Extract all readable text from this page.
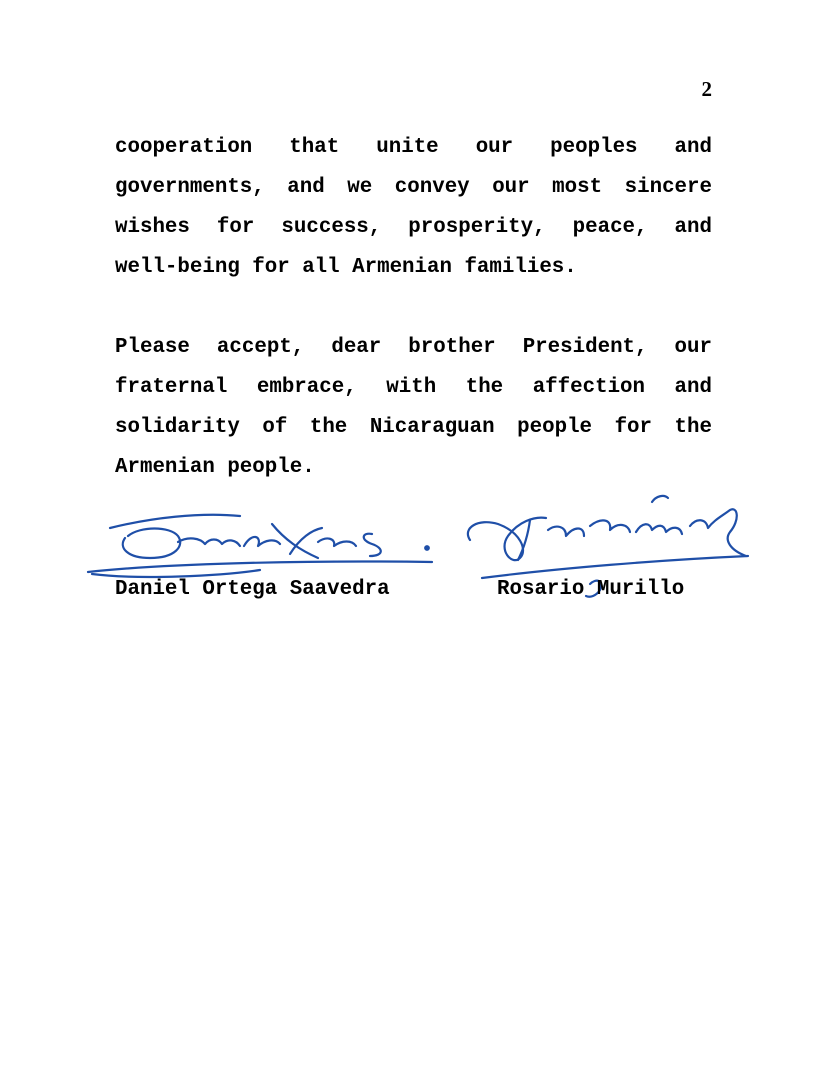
2

cooperation that unite our peoples and governments, and we convey our most sincere wishes for success, prosperity, peace, and well-being for all Armenian families.

Please accept, dear brother President, our fraternal embrace, with the affection and solidarity of the Nicaraguan people for the Armenian people.

Daniel Ortega Saavedra	Rosario Murillo
